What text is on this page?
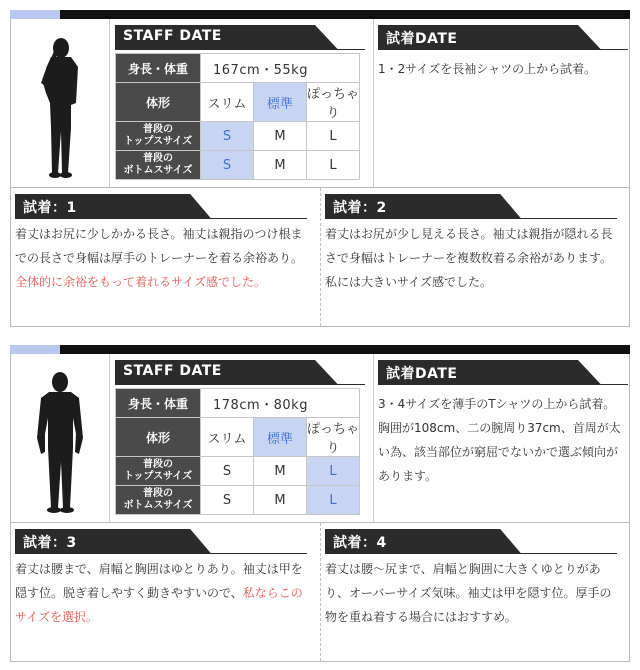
STAFF DATE
身長・体重	167cm・55kg		
体形	スリム	標準	ぽっちゃり
普段の
トップスサイズ	S	M	L
普段の
ボトムスサイズ	S	M	L
試着DATE
1・2サイズを長袖シャツの上から試着。
試着：1
着丈はお尻に少しかかる長さ。袖丈は親指のつけ根までの長さで身幅は厚手のトレーナーを着る余裕あり。全体的に余裕をもって着れるサイズ感でした。
試着：2
着丈はお尻が少し見える長さ。袖丈は親指が隠れる長さで身幅はトレーナーを複数枚着る余裕があります。私には大きいサイズ感でした。
STAFF DATE
身長・体重	178cm・80kg		
体形	スリム	標準	ぽっちゃり
普段の
トップスサイズ	S	M	L
普段の
ボトムスサイズ	S	M	L
試着DATE
3・4サイズを薄手のTシャツの上から試着。胸囲が108cm、二の腕周り37cm、首周が太い為、該当部位が窮屈でないかで選ぶ傾向があります。
試着：3
着丈は腰まで、肩幅と胸囲はゆとりあり。袖丈は甲を隠す位。脱ぎ着しやすく動きやすいので、私ならこのサイズを選択。
試着：4
着丈は腰～尻まで、肩幅と胸囲に大きくゆとりがあり、オーバーサイズ気味。袖丈は甲を隠す位。厚手の物を重ね着する場合にはおすすめ。
